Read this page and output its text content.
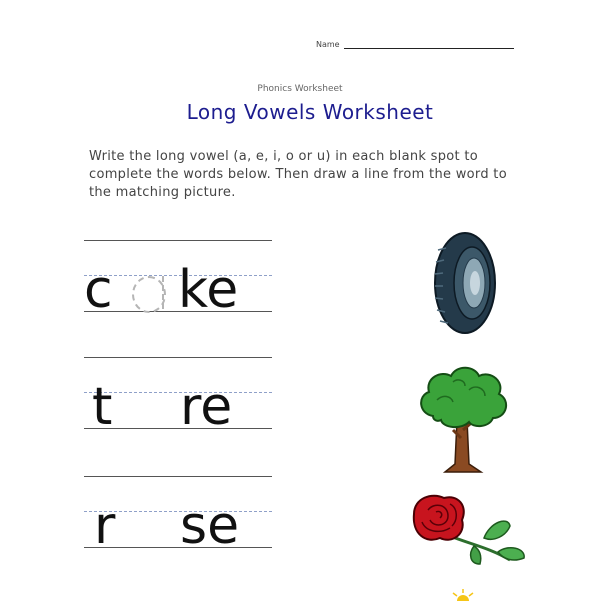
Name
Phonics Worksheet
Long Vowels Worksheet
Write the long vowel (a, e, i, o or u) in each blank spot to complete the words below. Then draw a line from the word to the matching picture.
c ke
t re
r se
